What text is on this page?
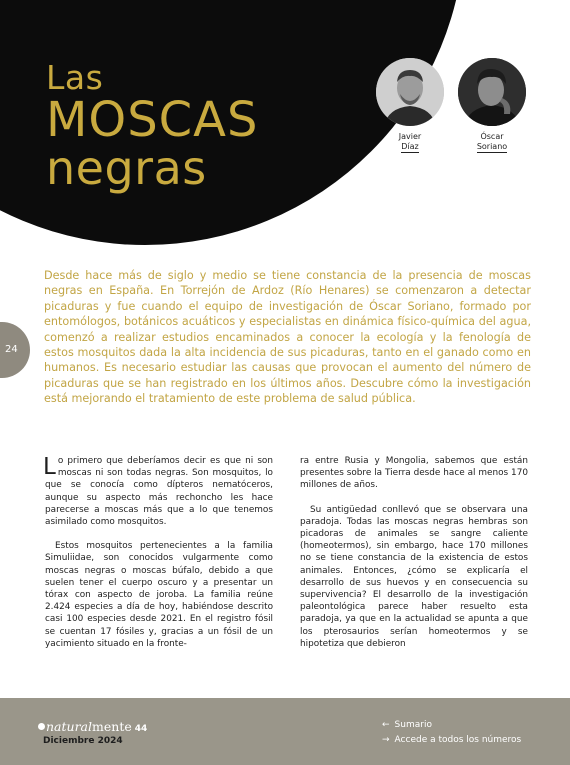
Las
MOSCAS
negras
Javier
Díaz
Óscar
Soriano

Desde hace más de siglo y medio se tiene constancia de la presencia de moscas negras en España. En Torrejón de Ardoz (Río Henares) se comenzaron a detectar picaduras y fue cuando el equipo de investigación de Óscar Soriano, formado por entomólogos, botánicos acuáticos y especialistas en dinámica físico-química del agua, comenzó a realizar estudios encaminados a conocer la ecología y la fenología de estos mosquitos dada la alta incidencia de sus picaduras, tanto en el ganado como en humanos. Es necesario estudiar las causas que provocan el aumento del número de picaduras que se han registrado en los últimos años. Descubre cómo la investigación está mejorando el tratamiento de este problema de salud pública.

24

Lo primero que deberíamos decir es que ni son moscas ni son todas negras. Son mosquitos, lo que se conocía como dípteros nematóceros, aunque su aspecto más rechoncho les hace parecerse a moscas más que a lo que tenemos asimilado como mosquitos.

Estos mosquitos pertenecientes a la familia Simuliidae, son conocidos vulgarmente como moscas negras o moscas búfalo, debido a que suelen tener el cuerpo oscuro y a presentar un tórax con aspecto de joroba. La familia reúne 2.424 especies a día de hoy, habiéndose descrito casi 100 especies desde 2021. En el registro fósil se cuentan 17 fósiles y, gracias a un fósil de un yacimiento situado en la fronte-

ra entre Rusia y Mongolia, sabemos que están presentes sobre la Tierra desde hace al menos 170 millones de años.

Su antigüedad conllevó que se observara una paradoja. Todas las moscas negras hembras son picadoras de animales se sangre caliente (homeotermos), sin embargo, hace 170 millones no se tiene constancia de la existencia de estos animales. Entonces, ¿cómo se explicaría el desarrollo de sus huevos y en consecuencia su supervivencia? El desarrollo de la investigación paleontológica parece haber resuelto esta paradoja, ya que en la actualidad se apunta a que los pterosaurios serían homeotermos y se hipotetiza que debieron

naturalmente 44
Diciembre 2024
← Sumario
→ Accede a todos los números
